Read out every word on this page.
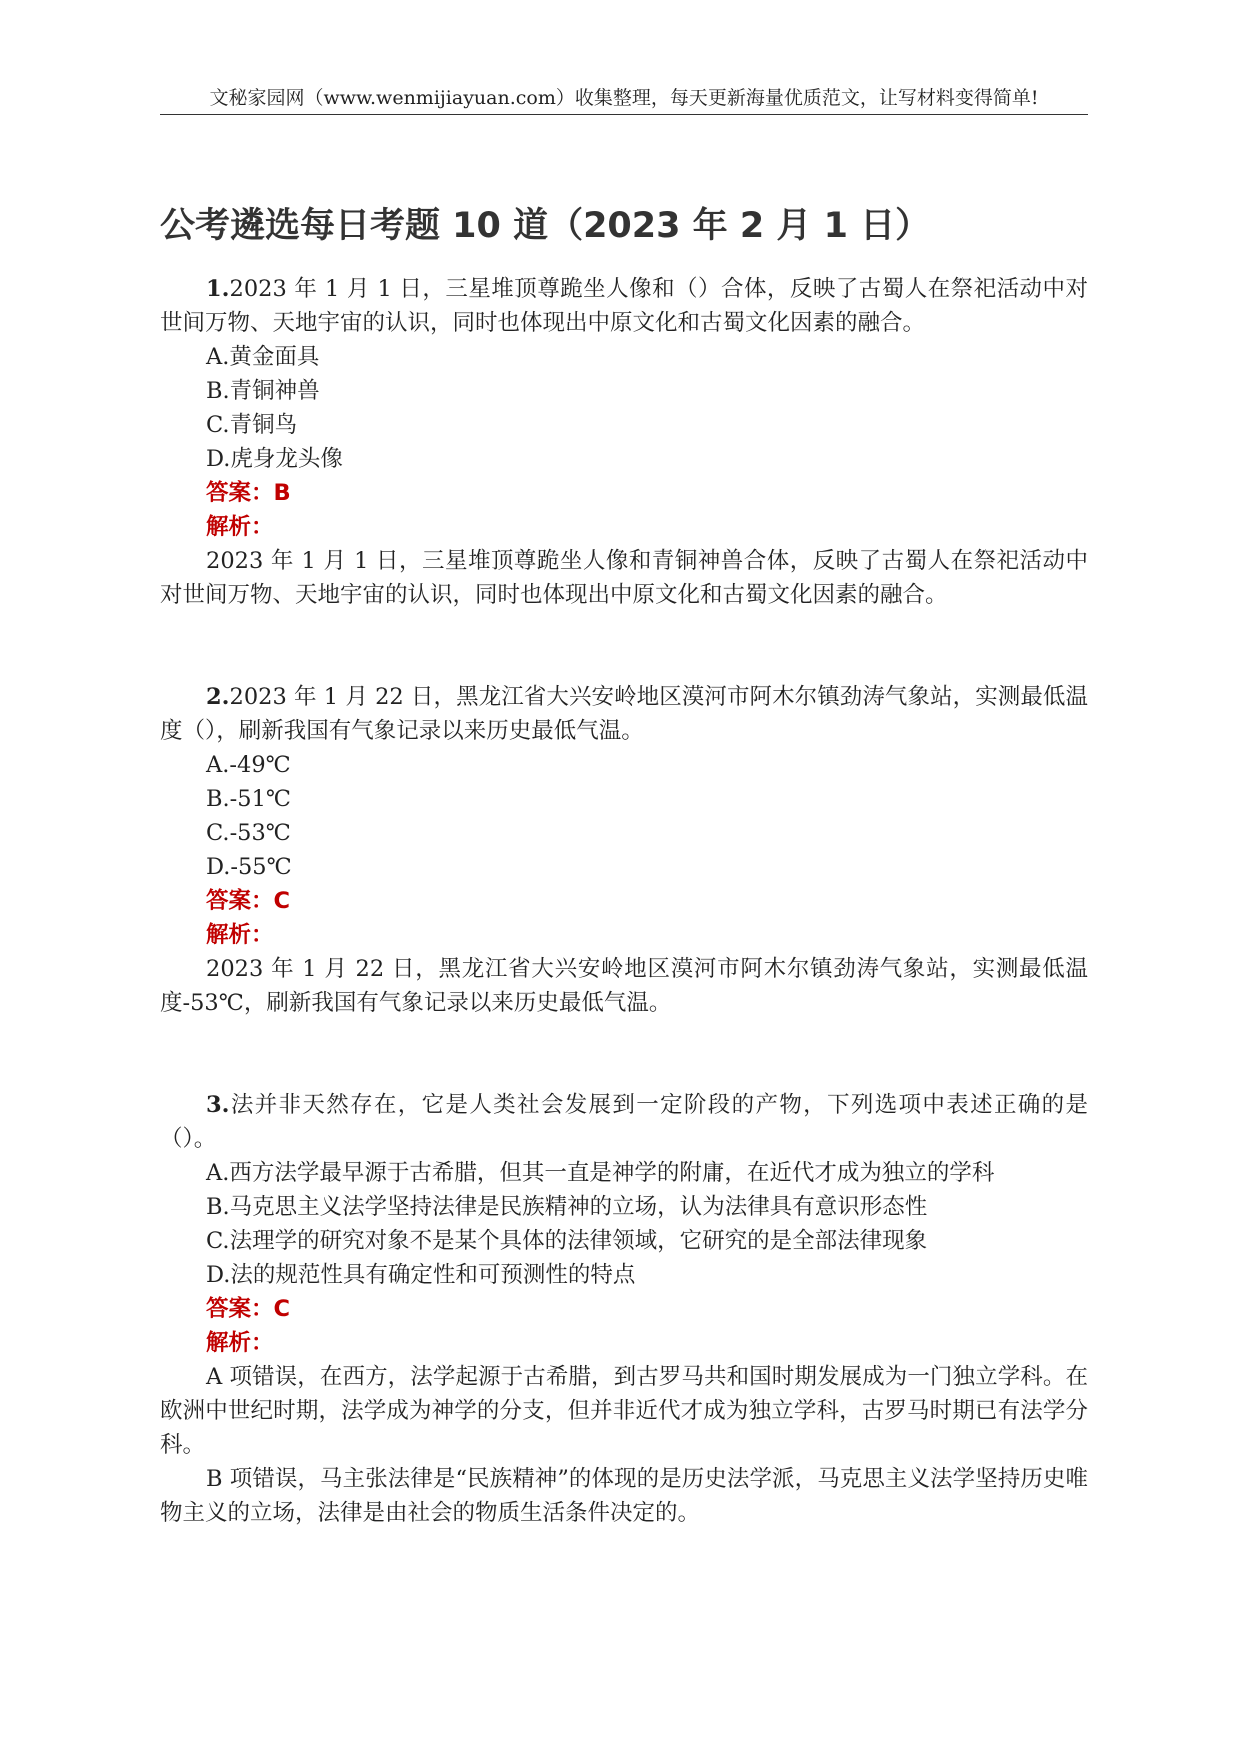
文秘家园网（www.wenmijiayuan.com）收集整理，每天更新海量优质范文，让写材料变得简单!
公考遴选每日考题 10 道（2023 年 2 月 1 日）

1.2023 年 1 月 1 日，三星堆顶尊跪坐人像和（）合体，反映了古蜀人在祭祀活动中对世间万物、天地宇宙的认识，同时也体现出中原文化和古蜀文化因素的融合。

A.黄金面具

B.青铜神兽

C.青铜鸟

D.虎身龙头像

答案：B

解析：

2023 年 1 月 1 日，三星堆顶尊跪坐人像和青铜神兽合体，反映了古蜀人在祭祀活动中对世间万物、天地宇宙的认识，同时也体现出中原文化和古蜀文化因素的融合。

2.2023 年 1 月 22 日，黑龙江省大兴安岭地区漠河市阿木尔镇劲涛气象站，实测最低温度（），刷新我国有气象记录以来历史最低气温。

A.-49℃

B.-51℃

C.-53℃

D.-55℃

答案：C

解析：

2023 年 1 月 22 日，黑龙江省大兴安岭地区漠河市阿木尔镇劲涛气象站，实测最低温度-53℃，刷新我国有气象记录以来历史最低气温。

3.法并非天然存在，它是人类社会发展到一定阶段的产物，下列选项中表述正确的是（）。

A.西方法学最早源于古希腊，但其一直是神学的附庸，在近代才成为独立的学科

B.马克思主义法学坚持法律是民族精神的立场，认为法律具有意识形态性

C.法理学的研究对象不是某个具体的法律领域，它研究的是全部法律现象

D.法的规范性具有确定性和可预测性的特点

答案：C

解析：

A 项错误，在西方，法学起源于古希腊，到古罗马共和国时期发展成为一门独立学科。在欧洲中世纪时期，法学成为神学的分支，但并非近代才成为独立学科，古罗马时期已有法学分科。

B 项错误，马主张法律是“民族精神”的体现的是历史法学派，马克思主义法学坚持历史唯物主义的立场，法律是由社会的物质生活条件决定的。
